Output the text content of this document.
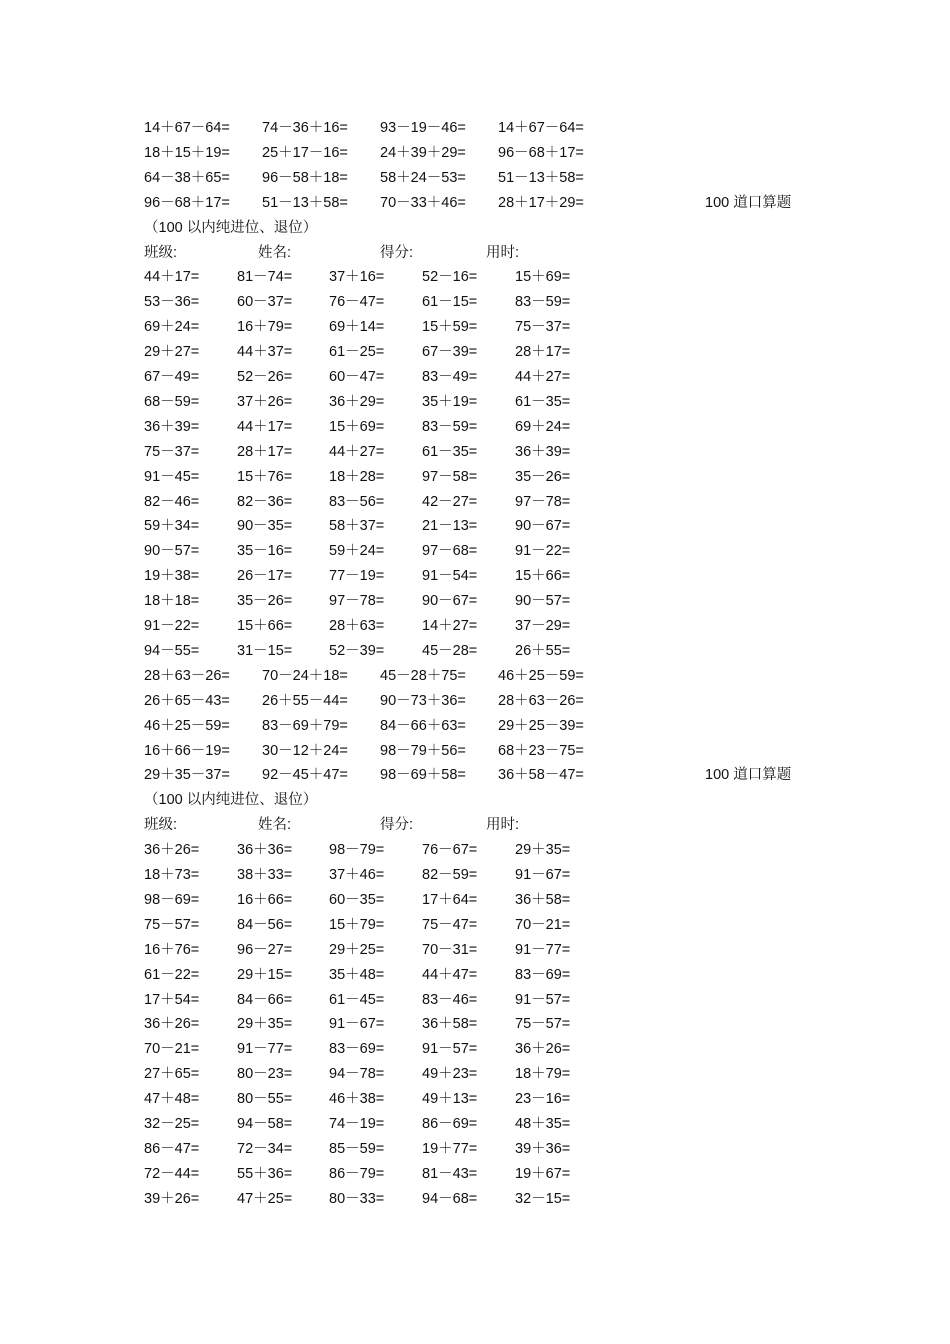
14＋67－64= 74－36＋16= 93－19－46= 14＋67－64=
18＋15＋19= 25＋17－16= 24＋39＋29= 96－68＋17=
64－38＋65= 96－58＋18= 58＋24－53= 51－13＋58=
96－68＋17= 51－13＋58= 70－33＋46= 28＋17＋29=	100 道口算题
（100 以内纯进位、退位）
班级:	姓名:	得分:	用时:
44＋17=	81－74=	37＋16=	52－16=	15＋69=
53－36=	60－37=	76－47=	61－15=	83－59=
69＋24=	16＋79=	69＋14=	15＋59=	75－37=
29＋27=	44＋37=	61－25=	67－39=	28＋17=
67－49=	52－26=	60－47=	83－49=	44＋27=
68－59=	37＋26=	36＋29=	35＋19=	61－35=
36＋39=	44＋17=	15＋69=	83－59=	69＋24=
75－37=	28＋17=	44＋27=	61－35=	36＋39=
91－45=	15＋76=	18＋28=	97－58=	35－26=
82－46=	82－36=	83－56=	42－27=	97－78=
59＋34=	90－35=	58＋37=	21－13=	90－67=
90－57=	35－16=	59＋24=	97－68=	91－22=
19＋38=	26－17=	77－19=	91－54=	15＋66=
18＋18=	35－26=	97－78=	90－67=	90－57=
91－22=	15＋66=	28＋63=	14＋27=	37－29=
94－55=	31－15=	52－39=	45－28=	26＋55=
28＋63－26= 70－24＋18= 45－28＋75= 46＋25－59=
26＋65－43= 26＋55－44= 90－73＋36= 28＋63－26=
46＋25－59= 83－69＋79= 84－66＋63= 29＋25－39=
16＋66－19= 30－12＋24= 98－79＋56= 68＋23－75=
29＋35－37= 92－45＋47= 98－69＋58= 36＋58－47=	100 道口算题
（100 以内纯进位、退位）
班级:	姓名:	得分:	用时:
36＋26=	36＋36=	98－79=	76－67=	29＋35=
18＋73=	38＋33=	37＋46=	82－59=	91－67=
98－69=	16＋66=	60－35=	17＋64=	36＋58=
75－57=	84－56=	15＋79=	75－47=	70－21=
16＋76=	96－27=	29＋25=	70－31=	91－77=
61－22=	29＋15=	35＋48=	44＋47=	83－69=
17＋54=	84－66=	61－45=	83－46=	91－57=
36＋26=	29＋35=	91－67=	36＋58=	75－57=
70－21=	91－77=	83－69=	91－57=	36＋26=
27＋65=	80－23=	94－78=	49＋23=	18＋79=
47＋48=	80－55=	46＋38=	49＋13=	23－16=
32－25=	94－58=	74－19=	86－69=	48＋35=
86－47=	72－34=	85－59=	19＋77=	39＋36=
72－44=	55＋36=	86－79=	81－43=	19＋67=
39＋26=	47＋25=	80－33=	94－68=	32－15=
